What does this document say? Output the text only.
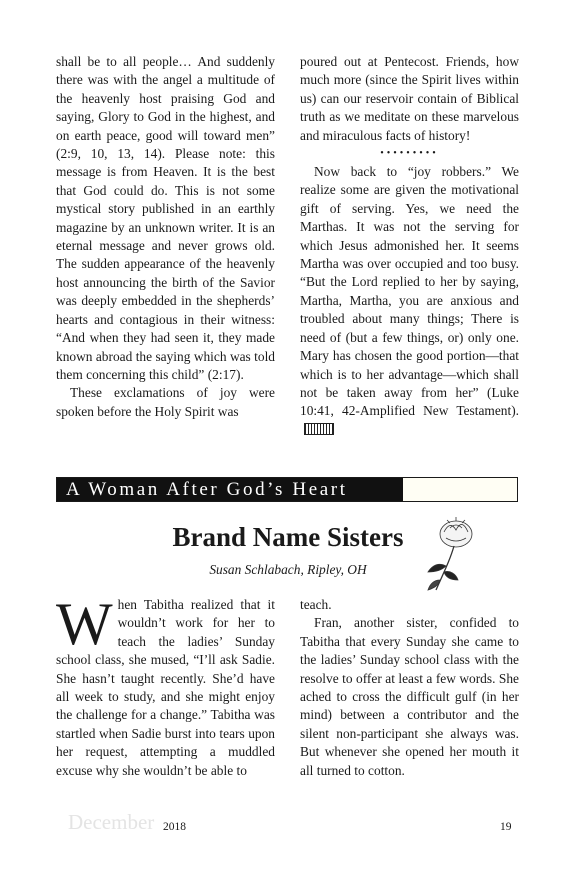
shall be to all people… And suddenly there was with the angel a multitude of the heavenly host praising God and saying, Glory to God in the highest, and on earth peace, good will toward men” (2:9, 10, 13, 14). Please note: this message is from Heaven. It is the best that God could do. This is not some mystical story published in an earthly magazine by an unknown writer. It is an eternal message and never grows old. The sudden appearance of the heavenly host announcing the birth of the Savior was deeply embedded in the shepherds’ hearts and contagious in their witness: “And when they had seen it, they made known abroad the saying which was told them concerning this child” (2:17).

These exclamations of joy were spoken before the Holy Spirit was

poured out at Pentecost. Friends, how much more (since the Spirit lives within us) can our reservoir contain of Biblical truth as we meditate on these marvelous and miraculous facts of history!

•••••••••

Now back to “joy robbers.” We realize some are given the motivational gift of serving. Yes, we need the Marthas. It was not the serving for which Jesus admonished her. It seems Martha was over occupied and too busy. “But the Lord replied to her by saying, Martha, Martha, you are anxious and troubled about many things; There is need of (but a few things, or) only one. Mary has chosen the good portion—that which is to her advantage—which shall not be taken away from her” (Luke 10:41, 42-Amplified New Testament).

A Woman After God’s Heart
Brand Name Sisters
Susan Schlabach, Ripley, OH

When Tabitha realized that it wouldn’t work for her to teach the ladies’ Sunday school class, she mused, “I’ll ask Sadie. She hasn’t taught recently. She’d have all week to study, and she might enjoy the challenge for a change.” Tabitha was startled when Sadie burst into tears upon her request, attempting a muddled excuse why she wouldn’t be able to

teach.

Fran, another sister, confided to Tabitha that every Sunday she came to the ladies’ Sunday school class with the resolve to offer at least a few words. She ached to cross the difficult gulf (in her mind) between a contributor and the silent non-participant she always was. But whenever she opened her mouth it all turned to cotton.

December 2018	19
